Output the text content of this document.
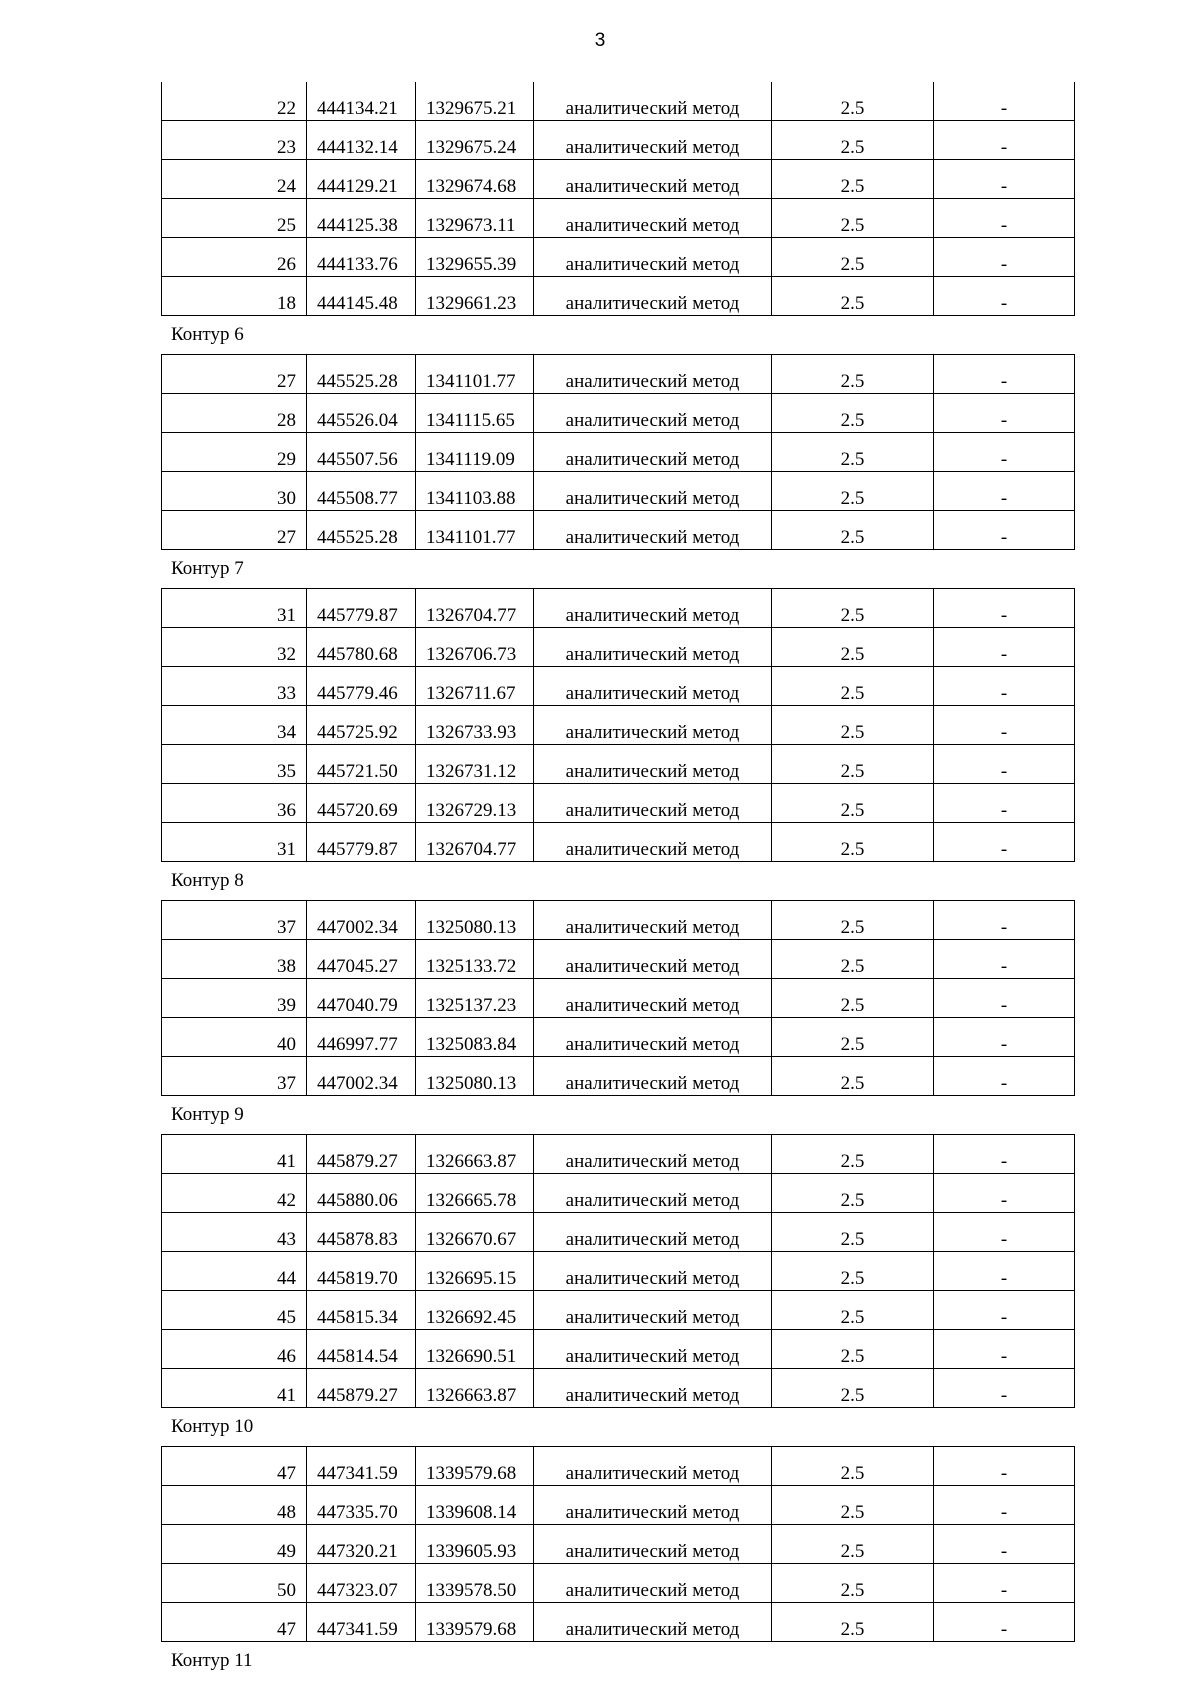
3
22	444134.21	1329675.21	аналитический метод	2.5	-
23	444132.14	1329675.24	аналитический метод	2.5	-
24	444129.21	1329674.68	аналитический метод	2.5	-
25	444125.38	1329673.11	аналитический метод	2.5	-
26	444133.76	1329655.39	аналитический метод	2.5	-
18	444145.48	1329661.23	аналитический метод	2.5	-
Контур 6
27	445525.28	1341101.77	аналитический метод	2.5	-
28	445526.04	1341115.65	аналитический метод	2.5	-
29	445507.56	1341119.09	аналитический метод	2.5	-
30	445508.77	1341103.88	аналитический метод	2.5	-
27	445525.28	1341101.77	аналитический метод	2.5	-
Контур 7
31	445779.87	1326704.77	аналитический метод	2.5	-
32	445780.68	1326706.73	аналитический метод	2.5	-
33	445779.46	1326711.67	аналитический метод	2.5	-
34	445725.92	1326733.93	аналитический метод	2.5	-
35	445721.50	1326731.12	аналитический метод	2.5	-
36	445720.69	1326729.13	аналитический метод	2.5	-
31	445779.87	1326704.77	аналитический метод	2.5	-
Контур 8
37	447002.34	1325080.13	аналитический метод	2.5	-
38	447045.27	1325133.72	аналитический метод	2.5	-
39	447040.79	1325137.23	аналитический метод	2.5	-
40	446997.77	1325083.84	аналитический метод	2.5	-
37	447002.34	1325080.13	аналитический метод	2.5	-
Контур 9
41	445879.27	1326663.87	аналитический метод	2.5	-
42	445880.06	1326665.78	аналитический метод	2.5	-
43	445878.83	1326670.67	аналитический метод	2.5	-
44	445819.70	1326695.15	аналитический метод	2.5	-
45	445815.34	1326692.45	аналитический метод	2.5	-
46	445814.54	1326690.51	аналитический метод	2.5	-
41	445879.27	1326663.87	аналитический метод	2.5	-
Контур 10
47	447341.59	1339579.68	аналитический метод	2.5	-
48	447335.70	1339608.14	аналитический метод	2.5	-
49	447320.21	1339605.93	аналитический метод	2.5	-
50	447323.07	1339578.50	аналитический метод	2.5	-
47	447341.59	1339579.68	аналитический метод	2.5	-
Контур 11
